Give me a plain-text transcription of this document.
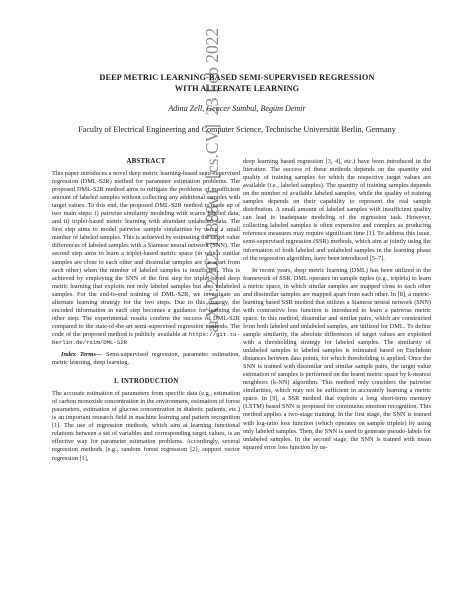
arXiv:2202.11388v1  [cs.CV]  23 Feb 2022
DEEP METRIC LEARNING-BASED SEMI-SUPERVISED REGRESSION
WITH ALTERNATE LEARNING
Adina Zell, Gencer Sumbul, Begüm Demir
Faculty of Electrical Engineering and Computer Science, Technische Universität Berlin, Germany
ABSTRACT

This paper introduces a novel deep metric learning-based semi-supervised regression (DML-S2R) method for parameter estimation problems. The proposed DML-S2R method aims to mitigate the problems of insufficient amount of labeled samples without collecting any additional samples with target values. To this end, the proposed DML-S2R method is made up of two main steps: i) pairwise similarity modeling with scarce labeled data; and ii) triplet-based metric learning with abundant unlabeled data. The first step aims to model pairwise sample similarities by using a small number of labeled samples. This is achieved by estimating the target value differences of labeled samples with a Siamese neural network (SNN). The second step aims to learn a triplet-based metric space (in which similar samples are close to each other and dissimilar samples are far apart from each other) when the number of labeled samples is insufficient. This is achieved by employing the SNN of the first step for triplet-based deep metric learning that exploits not only labeled samples but also unlabeled samples. For the end-to-end training of DML-S2R, we investigate an alternate learning strategy for the two steps. Due to this strategy, the encoded information in each step becomes a guidance for learning the other step. The experimental results confirm the success of DML-S2R compared to the state-of-the-art semi-supervised regression methods. The code of the proposed method is publicly available at https://git.tu-berlin.de/rsim/DML-S2R

Index Terms— Semi-supervised regression, parameter estimation, metric learning, deep learning.

1. INTRODUCTION

The accurate estimation of parameters from specific data (e.g., estimation of carbon monoxide concentration in the environment, estimation of forest parameters, estimation of glucose concentration in diabetic patients, etc.) is an important research field in machine learning and pattern recognition [1]. The use of regression methods, which aim at learning functional relations between a set of variables and corresponding target values, is an effective way for parameter estimation problems. Accordingly, several regression methods (e.g., random forest regression [2], support vector regression [1],

deep learning based regression [3, 4], etc.) have been introduced in the literature. The success of these methods depends on the quantity and quality of training samples for which the respective target values are available (i.e., labeled samples). The quantity of training samples depends on the number of available labeled samples, while the quality of training samples depends on their capability to represent the real sample distribution. A small amount of labeled samples with insufficient quality can lead to inadequate modeling of the regression task. However, collecting labeled samples is often expensive and complex as producing reference measures may require significant time [1]. To address this issue, semi-supervised regression (SSR) methods, which aim at jointly using the information of both labeled and unlabeled samples in the learning phase of the regression algorithm, have been introduced [5–7].

In recent years, deep metric learning (DML) has been utilized in the framework of SSR. DML operates on sample tuples (e.g., triplets) to learn a metric space, in which similar samples are mapped close to each other and dissimilar samples are mapped apart from each other. In [8], a metric-learning based SSR method that utilizes a Siamese neural network (SNN) with contrastive loss function is introduced to learn a pairwise metric space. In this method, dissimilar and similar pairs, which are constructed from both labeled and unlabeled samples, are utilized for DML. To define sample similarity, the absolute differences of target values are exploited with a thresholding strategy for labeled samples. The similarity of unlabeled samples to labeled samples is estimated based on Euclidean distances between data points, for which thresholding is applied. Once the SNN is trained with dissimilar and similar sample pairs, the target value estimation of samples is performed on the learnt metric space by k-nearest neighbors (k-NN) algorithm. This method only considers the pairwise similarities, which may not be sufficient in accurately learning a metric space. In [9], a SSR method that exploits a long short-term memory (LSTM) based SNN is proposed for continuous emotion recognition. This method applies a two-stage training. In the first stage, the SNN is trained with log-ratio loss function (which operates on sample triplets) by using only labeled samples. Then, the SNN is used to generate pseudo-labels for unlabeled samples. In the second stage, the SNN is trained with mean squared error loss function by us-
